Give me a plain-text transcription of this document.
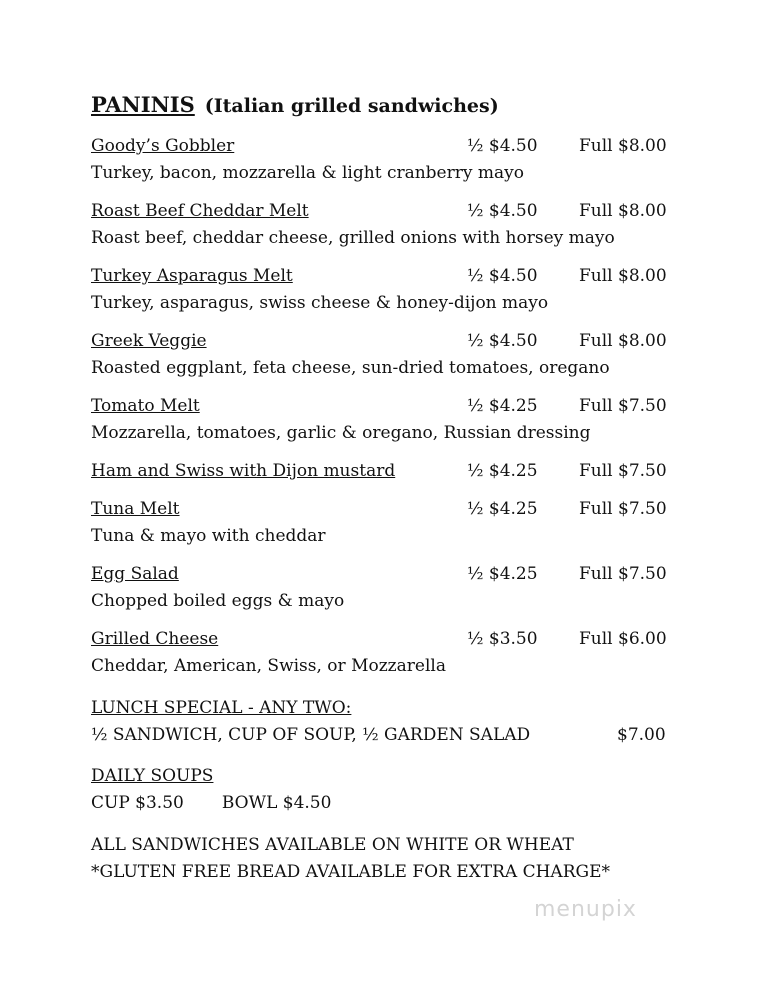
PANINIS (Italian grilled sandwiches)
Goody’s Gobbler	½ $4.50 Full $8.00
Turkey, bacon, mozzarella & light cranberry mayo
Roast Beef Cheddar Melt	½ $4.50 Full $8.00
Roast beef, cheddar cheese, grilled onions with horsey mayo
Turkey Asparagus Melt	½ $4.50 Full $8.00
Turkey, asparagus, swiss cheese & honey-dijon mayo
Greek Veggie	½ $4.50 Full $8.00
Roasted eggplant, feta cheese, sun-dried tomatoes, oregano
Tomato Melt	½ $4.25 Full $7.50
Mozzarella, tomatoes, garlic & oregano, Russian dressing
Ham and Swiss with Dijon mustard	½ $4.25 Full $7.50
Tuna Melt	½ $4.25 Full $7.50
Tuna & mayo with cheddar
Egg Salad	½ $4.25 Full $7.50
Chopped boiled eggs & mayo
Grilled Cheese	½ $3.50 Full $6.00
Cheddar, American, Swiss, or Mozzarella
LUNCH SPECIAL - ANY TWO:
½ SANDWICH, CUP OF SOUP, ½ GARDEN SALAD	$7.00
DAILY SOUPS
CUP $3.50 BOWL $4.50
ALL SANDWICHES AVAILABLE ON WHITE OR WHEAT
*GLUTEN FREE BREAD AVAILABLE FOR EXTRA CHARGE*
menupix
